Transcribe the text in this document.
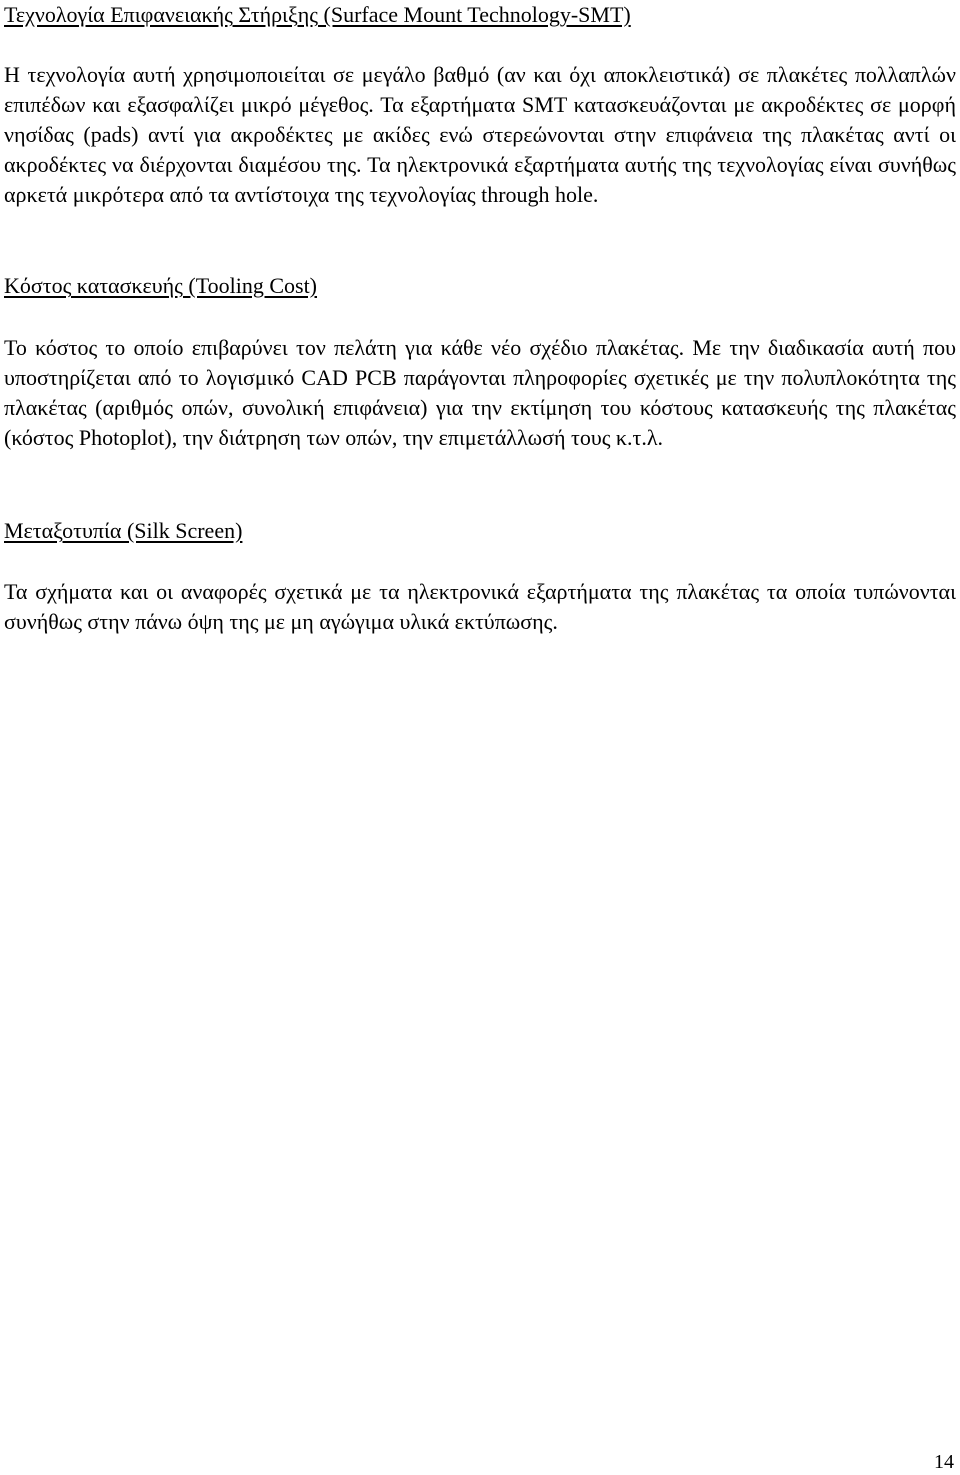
Τεχνολογία Επιφανειακής Στήριξης (Surface Mount Technology-SMT)

Η τεχνολογία αυτή χρησιμοποιείται σε μεγάλο βαθμό (αν και όχι αποκλειστικά) σε πλακέτες πολλαπλών επιπέδων και εξασφαλίζει μικρό μέγεθος. Τα εξαρτήματα SMT κατασκευάζονται με ακροδέκτες σε μορφή νησίδας (pads) αντί για ακροδέκτες με ακίδες ενώ στερεώνονται στην επιφάνεια της πλακέτας αντί οι ακροδέκτες να διέρχονται διαμέσου της. Τα ηλεκτρονικά εξαρτήματα αυτής της τεχνολογίας είναι συνήθως αρκετά μικρότερα από τα αντίστοιχα της τεχνολογίας through hole.

Κόστος κατασκευής (Tooling Cost)

Το κόστος το οποίο επιβαρύνει τον πελάτη για κάθε νέο σχέδιο πλακέτας. Με την διαδικασία αυτή που υποστηρίζεται από το λογισμικό CAD PCB παράγονται πληροφορίες σχετικές με την πολυπλοκότητα της πλακέτας (αριθμός οπών, συνολική επιφάνεια) για την εκτίμηση του κόστους κατασκευής της πλακέτας (κόστος Photoplot), την διάτρηση των οπών, την επιμετάλλωσή τους κ.τ.λ.

Μεταξοτυπία (Silk Screen)

Τα σχήματα και οι αναφορές σχετικά με τα ηλεκτρονικά εξαρτήματα της πλακέτας τα οποία τυπώνονται συνήθως στην πάνω όψη της με μη αγώγιμα υλικά εκτύπωσης.

14
